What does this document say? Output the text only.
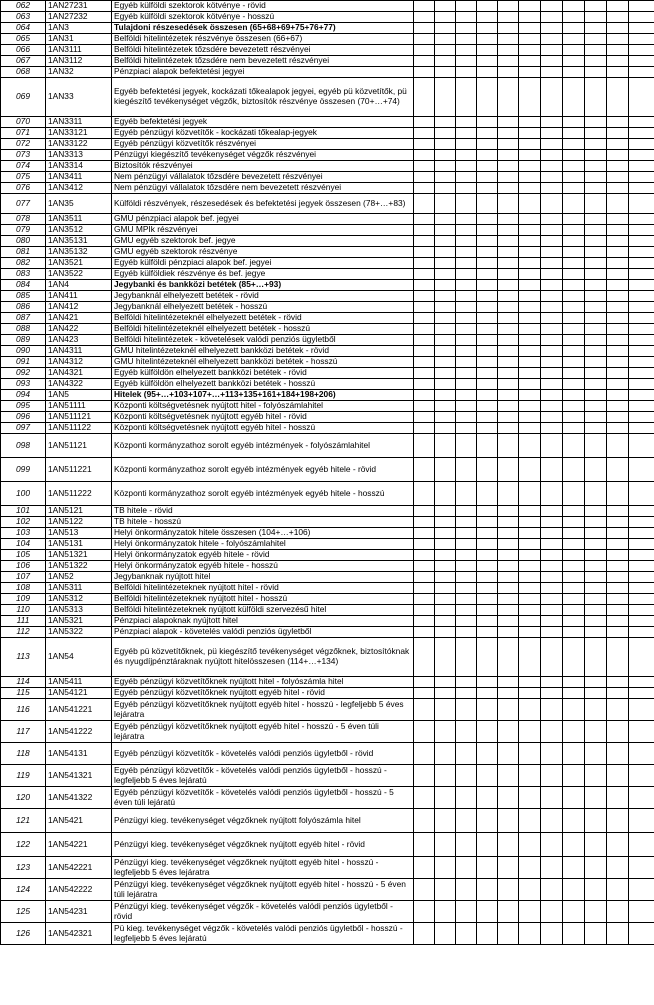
062	1AN27231	Egyéb külföldi szektorok kötvénye - rövid											
063	1AN27232	Egyéb külföldi szektorok kötvénye - hosszú											
064	1AN3	Tulajdoni részesedések összesen (65+68+69+75+76+77)											
065	1AN31	Belföldi hitelintézetek részvénye összesen (66+67)											
066	1AN3111	Belföldi hitelintézetek tőzsdére bevezetett részvényei											
067	1AN3112	Belföldi hitelintézetek tőzsdére nem bevezetett részvényei											
068	1AN32	Pénzpiaci alapok befektetési jegyei											
069	1AN33	Egyéb befektetési jegyek, kockázati tőkealapok jegyei, egyéb pü közvetítők, pü kiegészítő tevékenységet végzők, biztosítók részvénye összesen (70+…+74)											
070	1AN3311	Egyéb befektetési jegyek											
071	1AN33121	Egyéb pénzügyi közvetítők - kockázati tőkealap-jegyek											
072	1AN33122	Egyéb pénzügyi közvetítők részvényei											
073	1AN3313	Pénzügyi kiegészítő tevékenységet végzők részvényei											
074	1AN3314	Biztosítók részvényei											
075	1AN3411	Nem pénzügyi vállalatok tőzsdére bevezetett részvényei											
076	1AN3412	Nem pénzügyi vállalatok tőzsdére nem bevezetett részvényei											
077	1AN35	Külföldi részvények, részesedések és befektetési jegyek összesen (78+…+83)											
078	1AN3511	GMU pénzpiaci alapok bef. jegyei											
079	1AN3512	GMU MPIk részvényei											
080	1AN35131	GMU egyéb szektorok bef. jegye											
081	1AN35132	GMU egyéb szektorok részvénye											
082	1AN3521	Egyéb külföldi pénzpiaci alapok bef. jegyei											
083	1AN3522	Egyéb külföldiek részvénye és bef. jegye											
084	1AN4	Jegybanki és bankközi betétek (85+…+93)											
085	1AN411	Jegybanknál elhelyezett betétek - rövid											
086	1AN412	Jegybanknál elhelyezett betétek - hosszú											
087	1AN421	Belföldi hitelintézeteknél elhelyezett betétek - rövid											
088	1AN422	Belföldi hitelintézeteknél elhelyezett betétek - hosszú											
089	1AN423	Belföldi hitelintézetek - követelések valódi penziós ügyletből											
090	1AN4311	GMU hitelintézeteknél elhelyezett bankközi betétek - rövid											
091	1AN4312	GMU hitelintézeteknél elhelyezett bankközi betétek - hosszú											
092	1AN4321	Egyéb külföldön elhelyezett bankközi betétek - rövid											
093	1AN4322	Egyéb külföldön elhelyezett bankközi betétek - hosszú											
094	1AN5	Hitelek (95+…+103+107+…+113+135+161+184+198+206)											
095	1AN51111	Központi költségvetésnek nyújtott hitel - folyószámlahitel											
096	1AN511121	Központi költségvetésnek nyújtott egyéb hitel - rövid											
097	1AN511122	Központi költségvetésnek nyújtott egyéb hitel - hosszú											
098	1AN51121	Központi kormányzathoz sorolt egyéb intézmények - folyószámlahitel											
099	1AN511221	Központi kormányzathoz sorolt egyéb intézmények egyéb hitele - rövid											
100	1AN511222	Központi kormányzathoz sorolt egyéb intézmények egyéb hitele - hosszú											
101	1AN5121	TB hitele - rövid											
102	1AN5122	TB hitele - hosszú											
103	1AN513	Helyi önkormányzatok hitele összesen (104+…+106)											
104	1AN5131	Helyi önkormányzatok hitele - folyószámlahitel											
105	1AN51321	Helyi önkormányzatok egyéb hitele - rövid											
106	1AN51322	Helyi önkormányzatok egyéb hitele - hosszú											
107	1AN52	Jegybanknak nyújtott hitel											
108	1AN5311	Belföldi hitelintézeteknek nyújtott hitel - rövid											
109	1AN5312	Belföldi hitelintézeteknek nyújtott hitel - hosszú											
110	1AN5313	Belföldi hitelintézeteknek nyújtott külföldi szervezésű hitel											
111	1AN5321	Pénzpiaci alapoknak nyújtott hitel											
112	1AN5322	Pénzpiaci alapok - követelés valódi penziós ügyletből											
113	1AN54	Egyéb pü közvetítőknek, pü kiegészítő tevékenységet végzőknek, biztosítóknak és nyugdíjpénztáraknak nyújtott hitelösszesen (114+…+134)											
114	1AN5411	Egyéb pénzügyi közvetítőknek nyújtott hitel - folyószámla hitel											
115	1AN54121	Egyéb pénzügyi közvetítőknek nyújtott egyéb hitel - rövid											
116	1AN541221	Egyéb pénzügyi közvetítőknek nyújtott egyéb hitel - hosszú - legfeljebb 5 éves lejáratra											
117	1AN541222	Egyéb pénzügyi közvetítőknek nyújtott egyéb hitel - hosszú - 5 éven túli lejáratra											
118	1AN54131	Egyéb pénzügyi közvetítők - követelés valódi penziós ügyletből - rövid											
119	1AN541321	Egyéb pénzügyi közvetítők - követelés valódi penziós ügyletből - hosszú - legfeljebb 5 éves lejáratú											
120	1AN541322	Egyéb pénzügyi közvetítők - követelés valódi penziós ügyletből - hosszú - 5 éven túli lejáratú											
121	1AN5421	Pénzügyi kieg. tevékenységet végzőknek nyújtott folyószámla hitel											
122	1AN54221	Pénzügyi kieg. tevékenységet végzőknek nyújtott egyéb hitel - rövid											
123	1AN542221	Pénzügyi kieg. tevékenységet végzőknek nyújtott egyéb hitel - hosszú - legfeljebb 5 éves lejáratra											
124	1AN542222	Pénzügyi kieg. tevékenységet végzőknek nyújtott egyéb hitel - hosszú - 5 éven túli lejáratra											
125	1AN54231	Pénzügyi kieg. tevékenységet végzők - követelés valódi penziós ügyletből - rövid											
126	1AN542321	Pü kieg. tevékenységet végzők - követelés valódi penziós ügyletből - hosszú - legfeljebb 5 éves lejáratú											
